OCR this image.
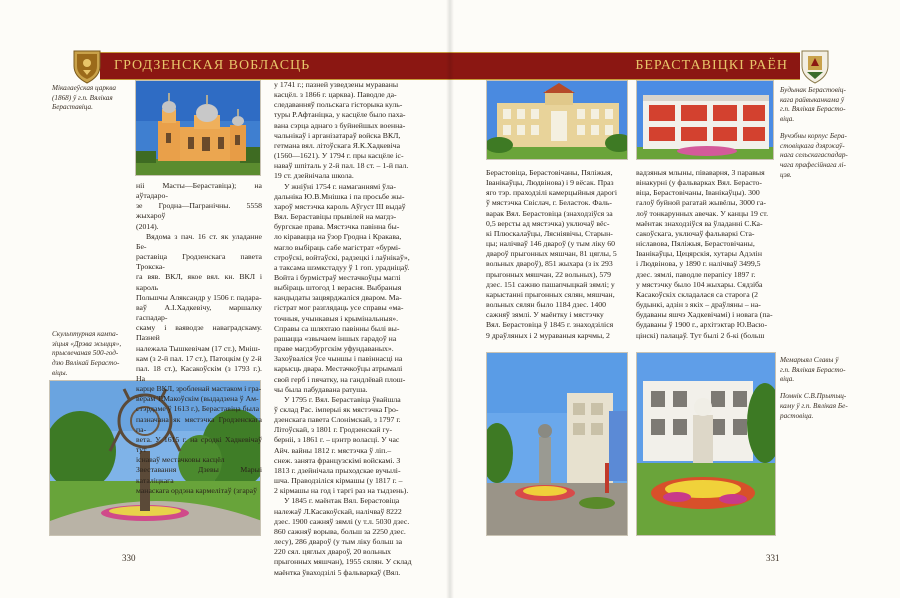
ГРОДЗЕНСКАЯ ВОБЛАСЦЬ
Мікалаеўская царква
(1868) ў г.п. Вялікая
Бераставіца.
Скульптурная кампа-
зіцыя «Дрэва жыцця»,
прысвечаная 500-год-
дзю Вялікай Берасто-
віцы.

ніі Масты—Бераставіца); на аўтадаро-

зе Гродна—Пагранічны. 5558 жыхароў

(2014).

Вядома з пач. 16 ст. як уладанне Бе-

раставіца Гродзенскага павета Трокска-

га вяв. ВКЛ, якое вял. кн. ВКЛ і кароль

Польшчы Аляксандр у 1506 г. падара-

ваў А.І.Хадкевічу, маршалку гаспадар-

скаму і ваяводзе наваградскаму. Пазней

належала Тышкевічам (17 ст.), Мніш-

кам (з 2-й пал. 17 ст.), Патоцкім (у 2-й

пал. 18 ст.), Касакоўскім (з 1793 г.). На

карце ВКЛ, зробленай мастаком і гра-

вёрам Т.Макоўскім (выдадзена ў Ам-

стэрдаме ў 1613 г.), Бераставіца была

пазначана як мястэчка Гродзенскага па-

вета. У 1615 г. на сродкі Хадкевічаў тут

існаваў местачковы касцёл

Звеставання Дзевы Марыі каталіцкага

манаскага ордэна кармелітаў (згараў

у 1741 г.; пазней узведзены мураваны

касцёл. з 1866 г. царква). Паводле да-

следаванняў польскага гісторыка куль-

туры Р.Афтаніцка, у касцёле было паха-

вана сэрца аднаго з буйнейшых военна-

чальнікаў і арганізатараў войска ВКЛ,

гетмана вял. літоўскага Я.К.Хадкевіча

(1560—1621). У 1794 г. пры касцёле іс-

наваў шпіталь у 2-й пал. 18 ст. – 1-й пал.

19 ст. дзейнічала школа.

У жніўні 1754 г. намаганнямі ўла-

дальніка Ю.В.Мнішка і па просьбе жы-

хароў мястэчка кароль Аўгуст III выдаў

Вял. Бераставіцы прывілей на магдэ-

бургскае права. Мястэчка павінна бы-

ло кіравацца на ўзор Гродна і Кракава,

магло выбіраць сабе магістрат «бурмі-

строўскі, войтаўскі, радзецкі і лаўнікаў»,

а таксама шэмкстадуу ў 1 гоп. урадніцаў.

Войта і бурмістраў местачкоўцы маглі

выбіраць штогод 1 верасня. Выбраныя

кандыдаты зацвярджаліся дваром. Ма-

гістрат мог разглядаць усе справы «ма-

точныя, учынкавыя і крымінальныя».

Справы са шляхтаю павінны былі вы-

рашацца «звычаем іншых гарадоў на

праве магдэбургскім уфундаваных».

Захоўваліся ўсе чыншы і павіннасці на

карысць двара. Местачкоўцы атрымалі

свой герб і пячатку, на гандлёвай плош-

чы была пабудавана ратуша.

У 1795 г. Вял. Бераставіца ўвайшла

ў склад Рас. імперыі як мястэчка Гро-

дзенскага павета Слонімскай, з 1797 г.

Літоўскай, з 1801 г. Гродзенскай гу-

берніі, з 1861 г. – цэнтр воласці. У час

Айч. вайны 1812 г. мястэчка ў ліп.–

снеж. занята французскімі войскамі. З

1813 г. дзейнічала прыходскае вучылі-

шча. Праводзіліся кірмашы (у 1817 г. –

2 кірмашы на год і таргі раз на тыдзень).

У 1845 г. маёнтак Вял. Берастовіца

належаў Л.Касакоўскай, налічваў 8222

дзес. 1900 сажняў зямлі (у т.л. 5030 дзес.

860 сажняў ворыва, больш за 2250 дзес.

лесу), 286 двароў (у тым ліку больш за

220 сял. цяглых двароў, 20 вольных

прыгонных мяшчан), 1955 сялян. У склад

маёнтка ўваходзілі 5 фальваркаў (Вял.

330
БЕРАСТАВІЦКІ РАЁН
Будынак Берастовіц-
кага райвыканкама ў
г.п. Вялікая Берасто-
віца.
Вучэбны корпус Бера-
стовіцкага дзяржаў-
нага сельскагаспадар-
чага прафесійнага лі-
цэя.

Берастовіца, Берастовічаны, Пяліжыя,

Іванікаўцы, Людвінова) і 9 вёсак. Праз

яго тэр. праходзілі камерцыйныя дарогі

ў мястэчка Свіслач, г. Беласток. Фаль-

варак Вял. Берастовіца (знаходзіўся за

0,5 версты ад мястэчка) уключаў вёс-

кі Плюскалаўцы, Лясніявічы, Старын-

цы; налічваў 146 двароў (у тым ліку 60

двароў прыгонных мяшчан, 81 цяглы, 5

вольных двароў), 851 жыхара (з іх 293

прыгонных мяшчан, 22 вольных), 579

дзес. 151 сажню пашапчыцкай зямлі; у

карыстанні прыгонных сялян, мяшчан,

вольных сялян было 1184 дзес. 1400

сажняў зямлі. У маёнтку і мястэчку

Вял. Берастовіца ў 1845 г. знаходзіліся

9 драўляных і 2 мураваныя карчмы, 2

вадзяныя млыны, піваварня, 3 паравыя

вінакурні (у фальварках Вял. Берасто-

віца, Берастовічаны, Іванікаўцы). 300

галоў буйной рагатай жывёлы, 3000 га-

лоў тонкарунных авечак. У канцы 19 ст.

маёнтак знаходзіўся ва ўладанні С.Ка-

сакоўскага, уключаў фальваркі Ста-

ніславова, Пяліжыя, Берастовічаны,

Іванікаўцы, Цецярскія, хутары Адэлін

і Людвінова, у 1890 г. налічваў 3499,5

дзес. зямлі, паводле перапісу 1897 г.

у мястэчку было 104 жыхары. Сядзіба

Касакоўскіх складалася са старога (2

будынкі, адзін з якіх – драўляны – на-

будаваны яшчэ Хадкевічамі) і новага (па-

будаваны ў 1900 г., архітэктар Ю.Васю-

цінскі) палацаў. Тут былі 2 б-кі (больш

Мемарыял Славы ў
г.п. Вялікая Берасто-
віца.
Помнік С.В.Прытыц-
каму ў г.п. Вялікая Бе-
растовіца.
331
